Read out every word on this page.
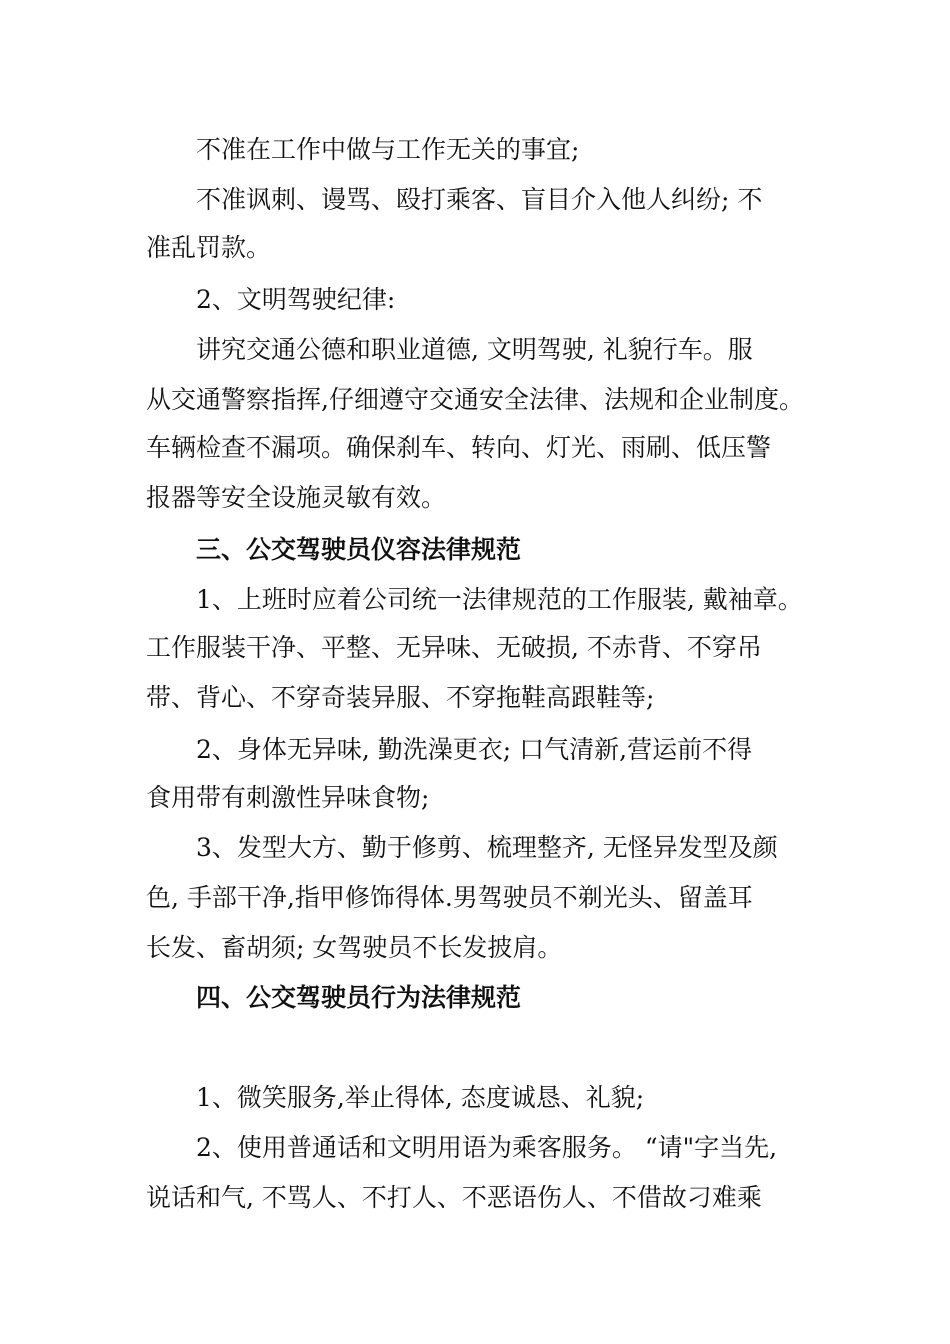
不准在工作中做与工作无关的事宜;
不准讽刺、谩骂、殴打乘客、盲目介入他人纠纷; 不
准乱罚款。
2、文明驾驶纪律:
讲究交通公德和职业道德, 文明驾驶, 礼貌行车。服
从交通警察指挥,仔细遵守交通安全法律、法规和企业制度。
车辆检查不漏项。确保刹车、转向、灯光、雨刷、低压警
报器等安全设施灵敏有效。
三、公交驾驶员仪容法律规范
1、上班时应着公司统一法律规范的工作服装, 戴袖章。
工作服装干净、平整、无异味、无破损, 不赤背、不穿吊
带、背心、不穿奇装异服、不穿拖鞋高跟鞋等;
2、身体无异味, 勤洗澡更衣; 口气清新,营运前不得
食用带有刺激性异味食物;
3、发型大方、勤于修剪、梳理整齐, 无怪异发型及颜
色, 手部干净,指甲修饰得体.男驾驶员不剃光头、留盖耳
长发、畜胡须; 女驾驶员不长发披肩。
四、公交驾驶员行为法律规范
1、微笑服务,举止得体, 态度诚恳、礼貌;
2、使用普通话和文明用语为乘客服务。 “请"字当先,
说话和气, 不骂人、不打人、不恶语伤人、不借故刁难乘
